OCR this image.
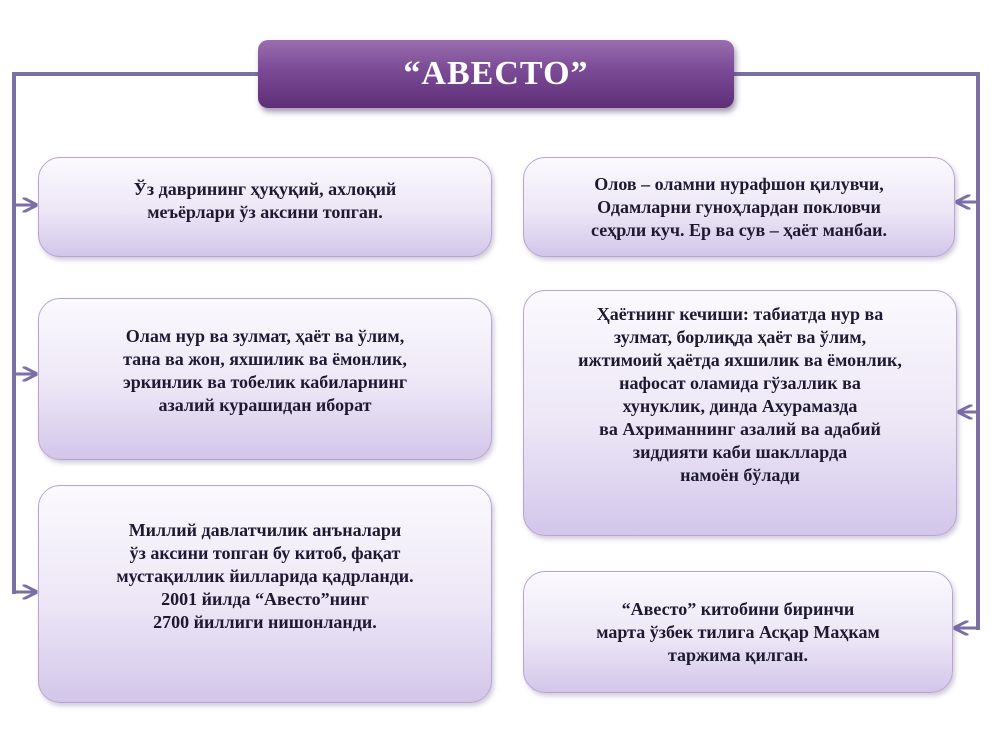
“АВЕСТО”
Ўз даврининг ҳуқуқий, ахлоқий
меъёрлари ўз аксини топган.
Олам нур ва зулмат, ҳаёт ва ўлим,
тана ва жон, яхшилик ва ёмонлик,
эркинлик ва тобелик кабиларнинг
азалий курашидан иборат
Миллий давлатчилик анъналари
ўз аксини топган бу китоб, фақат
мустақиллик йилларида қадрланди.
2001 йилда “Авесто”нинг
2700 йиллиги нишонланди.
Олов – оламни нурафшон қилувчи,
Одамларни гуноҳлардан покловчи
сеҳрли куч. Ер ва сув – ҳаёт манбаи.
Ҳаётнинг кечиши: табиатда нур ва
зулмат, борлиқда ҳаёт ва ўлим,
ижтимоий ҳаётда яхшилик ва ёмонлик,
нафосат оламида гўзаллик ва
хунуклик, динда Ахурамазда
ва Ахриманнинг азалий ва адабий
зиддияти каби шаклларда
намоён бўлади
“Авесто” китобини биринчи
марта ўзбек тилига Асқар Маҳкам
таржима қилган.
